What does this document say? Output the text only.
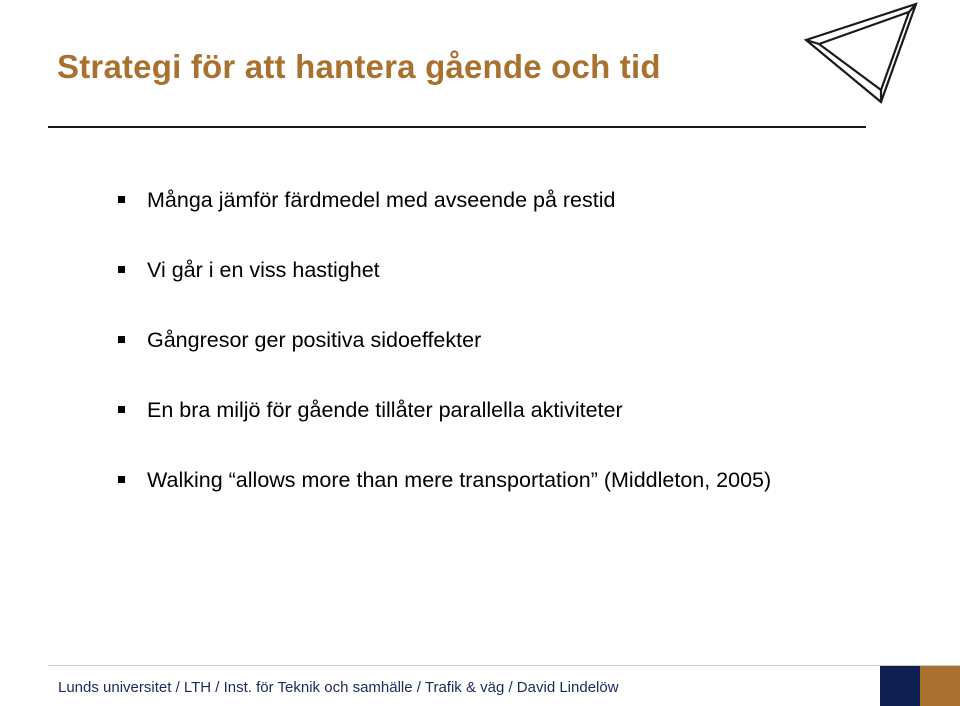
Strategi för att hantera gående och tid
Många jämför färdmedel med avseende på restid
Vi går i en viss hastighet
Gångresor ger positiva sidoeffekter
En bra miljö för gående tillåter parallella aktiviteter
Walking “allows more than mere transportation” (Middleton, 2005)
Lunds universitet / LTH / Inst. för Teknik och samhälle / Trafik & väg / David Lindelöw
